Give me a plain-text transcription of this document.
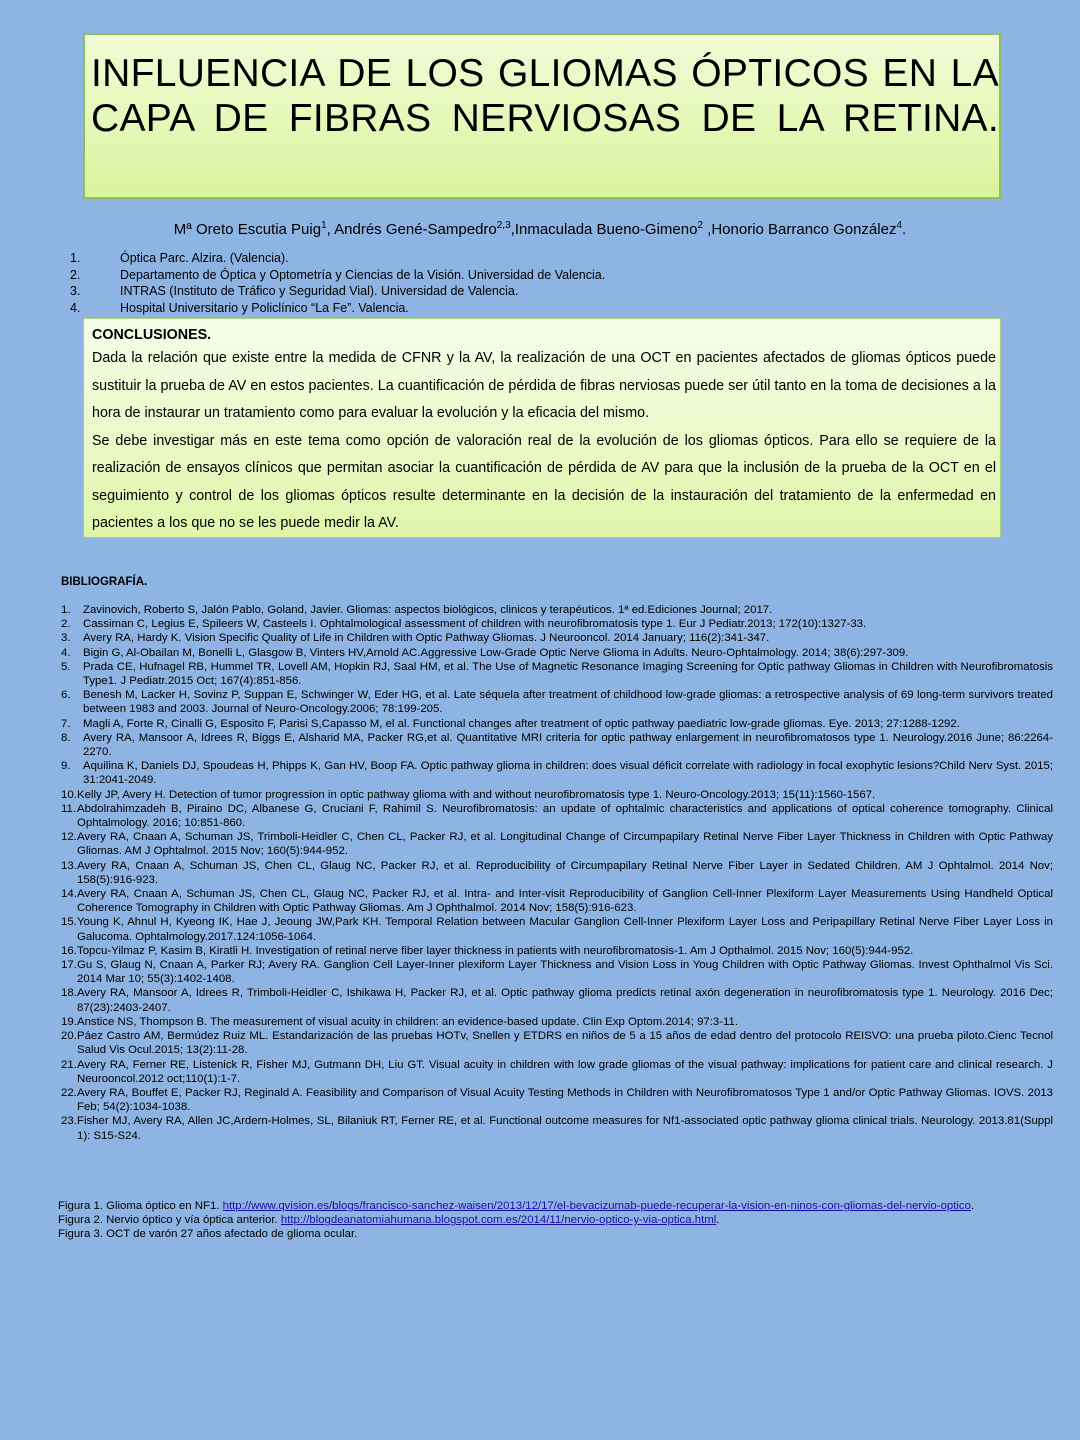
INFLUENCIA DE LOS GLIOMAS ÓPTICOS EN LA
CAPA DE FIBRAS NERVIOSAS DE LA RETINA.
Mª Oreto Escutia Puig$^1$, Andrés Gené-Sampedro$^{2,3}$,Inmaculada Bueno-Gimeno$^2$ ,Honorio Barranco González$^4$.
1.	Óptica Parc. Alzira. (Valencia).
2.	Departamento de Óptica y Optometría y Ciencias de la Visión. Universidad de Valencia.
3.	INTRAS (Instituto de Tráfico y Seguridad Vial). Universidad de Valencia.
4.	Hospital Universitario y Policlínico “La Fe”. Valencia.
CONCLUSIONES.

Dada la relación que existe entre la medida de CFNR y la AV, la realización de una OCT en pacientes afectados de gliomas ópticos puede sustituir la prueba de AV en estos pacientes. La cuantificación de pérdida de fibras nerviosas puede ser útil tanto en la toma de decisiones a la hora de instaurar un tratamiento como para evaluar la evolución y la eficacia del mismo.

Se debe investigar más en este tema como opción de valoración real de la evolución de los gliomas ópticos. Para ello se requiere de la realización de ensayos clínicos que permitan asociar la cuantificación de pérdida de AV para que la inclusión de la prueba de la OCT en el seguimiento y control de los gliomas ópticos resulte determinante en la decisión de la instauración del tratamiento de la enfermedad en pacientes a los que no se les puede medir la AV.

BIBLIOGRAFÍA.
1.	Zavinovich, Roberto S, Jalón Pablo, Goland, Javier. Gliomas: aspectos biológicos, clinicos y terapéuticos. 1ª ed.Ediciones Journal; 2017.
2.	Cassiman C, Legius E, Spileers W, Casteels I. Ophtalmological assessment of children with neurofibromatosis type 1. Eur J Pediatr.2013; 172(10):1327-33.
3.	Avery RA, Hardy K. Vision Specific Quality of Life in Children with Optic Pathway Gliomas. J Neurooncol. 2014 January; 116(2):341-347.
4.	Bigin G, Al-Obailan M, Bonelli L, Glasgow B, Vinters HV,Arnold AC.Aggressive Low-Grade Optic Nerve Glioma in Adults. Neuro-Ophtalmology. 2014; 38(6):297-309.
5.	Prada CE, Hufnagel RB, Hummel TR, Lovell AM, Hopkin RJ, Saal HM, et al. The Use of Magnetic Resonance Imaging Screening for Optic pathway Gliomas in Children with Neurofibromatosis Type1. J Pediatr.2015 Oct; 167(4):851-856.
6.	Benesh M, Lacker H, Sovinz P, Suppan E, Schwinger W, Eder HG, et al. Late séquela after treatment of childhood low-grade gliomas: a retrospective analysis of 69 long-term survivors treated between 1983 and 2003. Journal of Neuro-Oncology.2006; 78:199-205.
7.	Magli A, Forte R, Cinalli G, Esposito F, Parisi S,Capasso M, el al. Functional changes after treatment of optic pathway paediatric low-grade gliomas. Eye. 2013; 27:1288-1292.
8.	Avery RA, Mansoor A, Idrees R, Biggs E, Alsharid MA, Packer RG,et al. Quantitative MRI criteria for optic pathway enlargement in neurofibromatosos type 1. Neurology.2016 June; 86:2264-2270.
9.	Aquilina K, Daniels DJ, Spoudeas H, Phipps K, Gan HV, Boop FA. Optic pathway glioma in children: does visual déficit correlate with radiology in focal exophytic lesions?Child Nerv Syst. 2015; 31:2041-2049.
10. Kelly JP, Avery H. Detection of tumor progression in optic pathway glioma with and without neurofibromatosis type 1. Neuro-Oncology.2013; 15(11):1560-1567.
11. Abdolrahimzadeh B, Piraino DC, Albanese G, Cruciani F, Rahimil S. Neurofibromatosis: an update of ophtalmic characteristics and applications of optical coherence tomography. Clinical Ophtalmology. 2016; 10:851-860.
12. Avery RA, Cnaan A, Schuman JS, Trimboli-Heidler C, Chen CL, Packer RJ, et al. Longitudinal Change of Circumpapilary Retinal Nerve Fiber Layer Thickness in Children with Optic Pathway Gliomas. AM J Ophtalmol. 2015 Nov; 160(5):944-952.
13. Avery RA, Cnaan A, Schuman JS, Chen CL, Glaug NC, Packer RJ, et al. Reproducibility of Circumpapilary Retinal Nerve Fiber Layer in Sedated Children. AM J Ophtalmol. 2014 Nov; 158(5):916-923.
14. Avery RA, Cnaan A, Schuman JS, Chen CL, Glaug NC, Packer RJ, et al. Intra- and Inter-visit Reproducibility of Ganglion Cell-Inner Plexiform Layer Measurements Using Handheld Optical Coherence Tomography in Children with Optic Pathway Gliomas. Am J Ophthalmol. 2014 Nov; 158(5):916-623.
15. Young K, Ahnul H, Kyeong IK, Hae J, Jeoung JW,Park KH. Temporal Relation between Macular Ganglion Cell-Inner Plexiform Layer Loss and Peripapillary Retinal Nerve Fiber Layer Loss in Galucoma. Ophtalmology.2017.124:1056-1064.
16. Topcu-Yilmaz P, Kasim B, Kiratli H. Investigation of retinal nerve fiber layer thickness in patients with neurofibromatosis-1. Am J Opthalmol. 2015 Nov; 160(5):944-952.
17. Gu S, Glaug N, Cnaan A, Parker RJ; Avery RA. Ganglion Cell Layer-Inner plexiform Layer Thickness and Vision Loss in Youg Children with Optic Pathway Gliomas. Invest Ophthalmol Vis Sci. 2014 Mar 10; 55(3):1402-1408.
18. Avery RA, Mansoor A, Idrees R, Trimboli-Heidler C, Ishikawa H, Packer RJ, et al. Optic pathway glioma predicts retinal axón degeneration in neurofibromatosis type 1. Neurology. 2016 Dec; 87(23):2403-2407.
19. Anstice NS, Thompson B. The measurement of visual acuity in children: an evidence-based update. Clin Exp Optom.2014; 97:3-11.
20. Páez Castro AM, Bermúdez Ruiz ML. Estandarización de las pruebas HOTv, Snellen y ETDRS en niños de 5 a 15 años de edad dentro del protocolo REISVO: una prueba piloto.Cienc Tecnol Salud Vis Ocul.2015; 13(2):11-28.
21. Avery RA, Ferner RE, Listenick R, Fisher MJ, Gutmann DH, Liu GT. Visual acuity in children with low grade gliomas of the visual pathway: implications for patient care and clinical research. J Neurooncol.2012 oct;110(1):1-7.
22. Avery RA, Bouffet E, Packer RJ, Reginald A. Feasibility and Comparison of Visual Acuity Testing Methods in Children with Neurofibromatosos Type 1 and/or Optic Pathway Gliomas. IOVS. 2013 Feb; 54(2):1034-1038.
23. Fisher MJ, Avery RA, Allen JC,Ardern-Holmes, SL, Bilaniuk RT, Ferner RE, et al. Functional outcome measures for Nf1-associated optic pathway glioma clinical trials. Neurology. 2013.81(Suppl 1): S15-S24.
Figura 1. Glioma óptico en NF1. http://www.qvision.es/blogs/francisco-sanchez-waisen/2013/12/17/el-bevacizumab-puede-recuperar-la-vision-en-ninos-con-gliomas-del-nervio-optico.
Figura 2. Nervio óptico y vía óptica anterior. http://blogdeanatomiahumana.blogspot.com.es/2014/11/nervio-optico-y-via-optica.html.
Figura 3. OCT de varón 27 años afectado de glioma ocular.
